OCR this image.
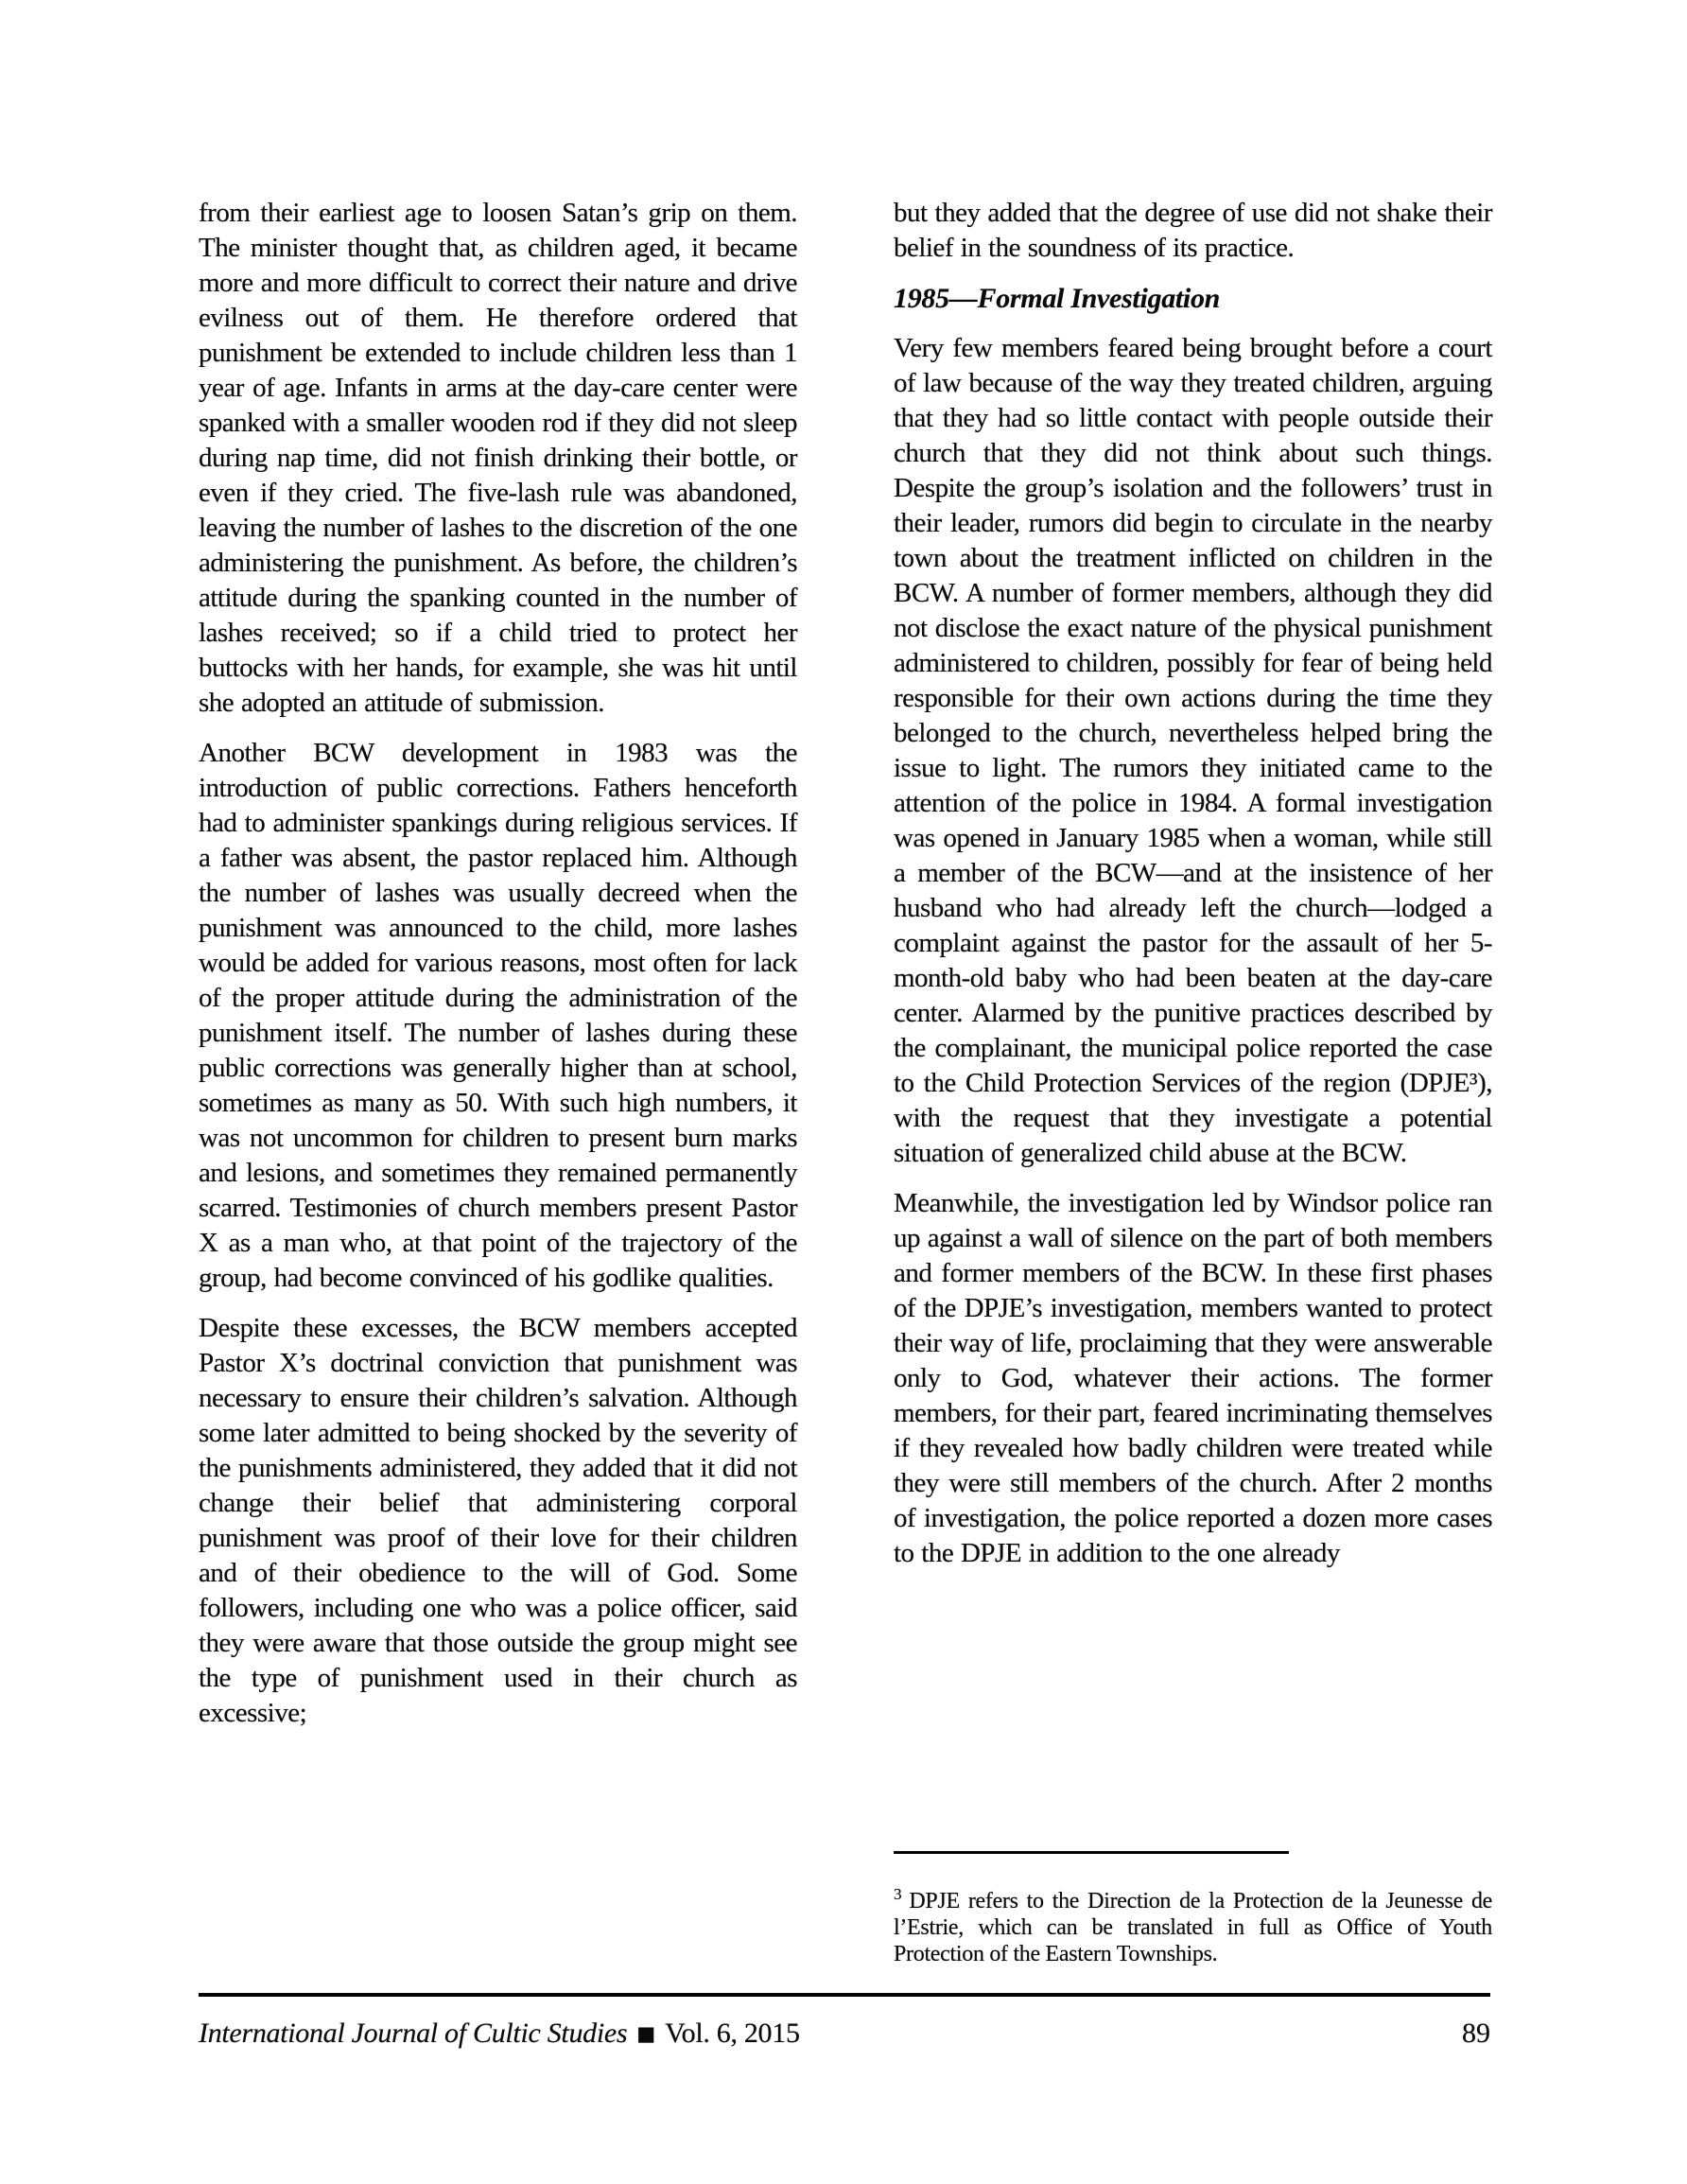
from their earliest age to loosen Satan’s grip on them. The minister thought that, as children aged, it became more and more difficult to correct their nature and drive evilness out of them. He therefore ordered that punishment be extended to include children less than 1 year of age. Infants in arms at the day-care center were spanked with a smaller wooden rod if they did not sleep during nap time, did not finish drinking their bottle, or even if they cried. The five-lash rule was abandoned, leaving the number of lashes to the discretion of the one administering the punishment. As before, the children’s attitude during the spanking counted in the number of lashes received; so if a child tried to protect her buttocks with her hands, for example, she was hit until she adopted an attitude of submission.

Another BCW development in 1983 was the introduction of public corrections. Fathers henceforth had to administer spankings during religious services. If a father was absent, the pastor replaced him. Although the number of lashes was usually decreed when the punishment was announced to the child, more lashes would be added for various reasons, most often for lack of the proper attitude during the administration of the punishment itself. The number of lashes during these public corrections was generally higher than at school, sometimes as many as 50. With such high numbers, it was not uncommon for children to present burn marks and lesions, and sometimes they remained permanently scarred. Testimonies of church members present Pastor X as a man who, at that point of the trajectory of the group, had become convinced of his godlike qualities.

Despite these excesses, the BCW members accepted Pastor X’s doctrinal conviction that punishment was necessary to ensure their children’s salvation. Although some later admitted to being shocked by the severity of the punishments administered, they added that it did not change their belief that administering corporal punishment was proof of their love for their children and of their obedience to the will of God. Some followers, including one who was a police officer, said they were aware that those outside the group might see the type of punishment used in their church as excessive;

but they added that the degree of use did not shake their belief in the soundness of its practice.

1985—Formal Investigation

Very few members feared being brought before a court of law because of the way they treated children, arguing that they had so little contact with people outside their church that they did not think about such things. Despite the group’s isolation and the followers’ trust in their leader, rumors did begin to circulate in the nearby town about the treatment inflicted on children in the BCW. A number of former members, although they did not disclose the exact nature of the physical punishment administered to children, possibly for fear of being held responsible for their own actions during the time they belonged to the church, nevertheless helped bring the issue to light. The rumors they initiated came to the attention of the police in 1984. A formal investigation was opened in January 1985 when a woman, while still a member of the BCW—and at the insistence of her husband who had already left the church—lodged a complaint against the pastor for the assault of her 5-month-old baby who had been beaten at the day-care center. Alarmed by the punitive practices described by the complainant, the municipal police reported the case to the Child Protection Services of the region (DPJE³), with the request that they investigate a potential situation of generalized child abuse at the BCW.

Meanwhile, the investigation led by Windsor police ran up against a wall of silence on the part of both members and former members of the BCW. In these first phases of the DPJE’s investigation, members wanted to protect their way of life, proclaiming that they were answerable only to God, whatever their actions. The former members, for their part, feared incriminating themselves if they revealed how badly children were treated while they were still members of the church. After 2 months of investigation, the police reported a dozen more cases to the DPJE in addition to the one already

$^3$ DPJE refers to the Direction de la Protection de la Jeunesse de l’Estrie, which can be translated in full as Office of Youth Protection of the Eastern Townships.

International Journal of Cultic Studies ■ Vol. 6, 2015	89
